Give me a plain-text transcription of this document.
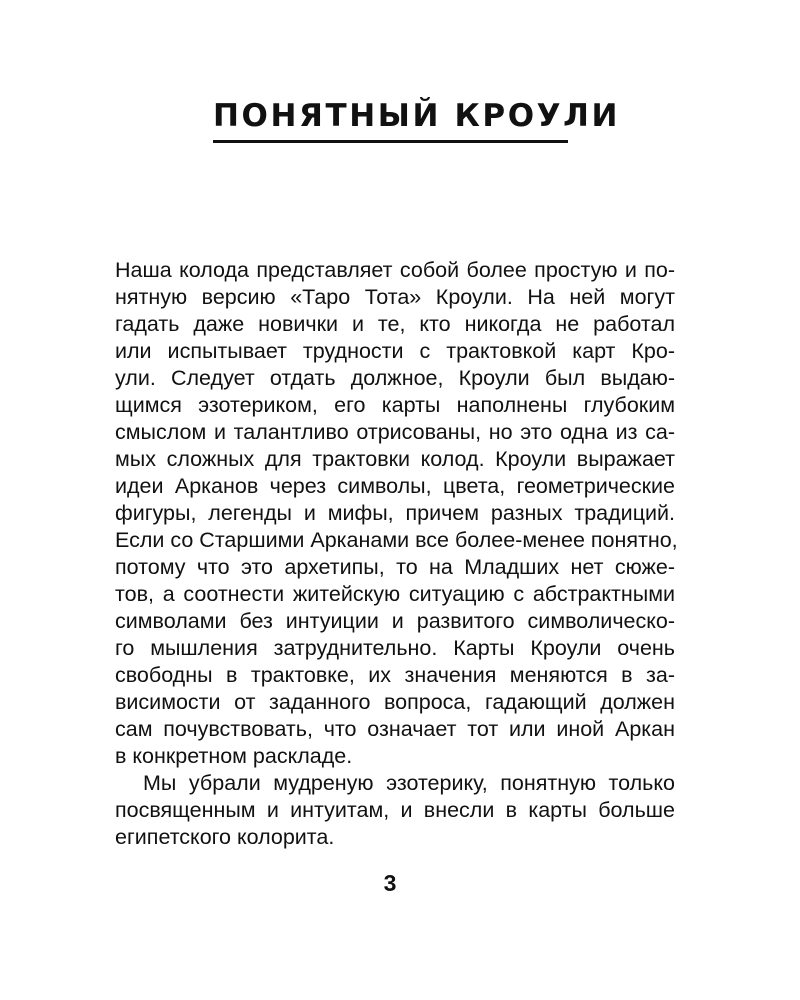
ПОНЯТНЫЙ КРОУЛИ
Наша колода представляет собой более простую и по-
нятную версию «Таро Тота» Кроули. На ней могут
гадать даже новички и те, кто никогда не работал
или испытывает трудности с трактовкой карт Кро-
ули. Следует отдать должное, Кроули был выдаю-
щимся эзотериком, его карты наполнены глубоким
смыслом и талантливо отрисованы, но это одна из са-
мых сложных для трактовки колод. Кроули выражает
идеи Арканов через символы, цвета, геометрические
фигуры, легенды и мифы, причем разных традиций.
Если со Старшими Арканами все более-менее понятно,
потому что это архетипы, то на Младших нет сюже-
тов, а соотнести житейскую ситуацию с абстрактными
символами без интуиции и развитого символическо-
го мышления затруднительно. Карты Кроули очень
свободны в трактовке, их значения меняются в за-
висимости от заданного вопроса, гадающий должен
сам почувствовать, что означает тот или иной Аркан
в конкретном раскладе.
Мы убрали мудреную эзотерику, понятную только
посвященным и интуитам, и внесли в карты больше
египетского колорита.
3
